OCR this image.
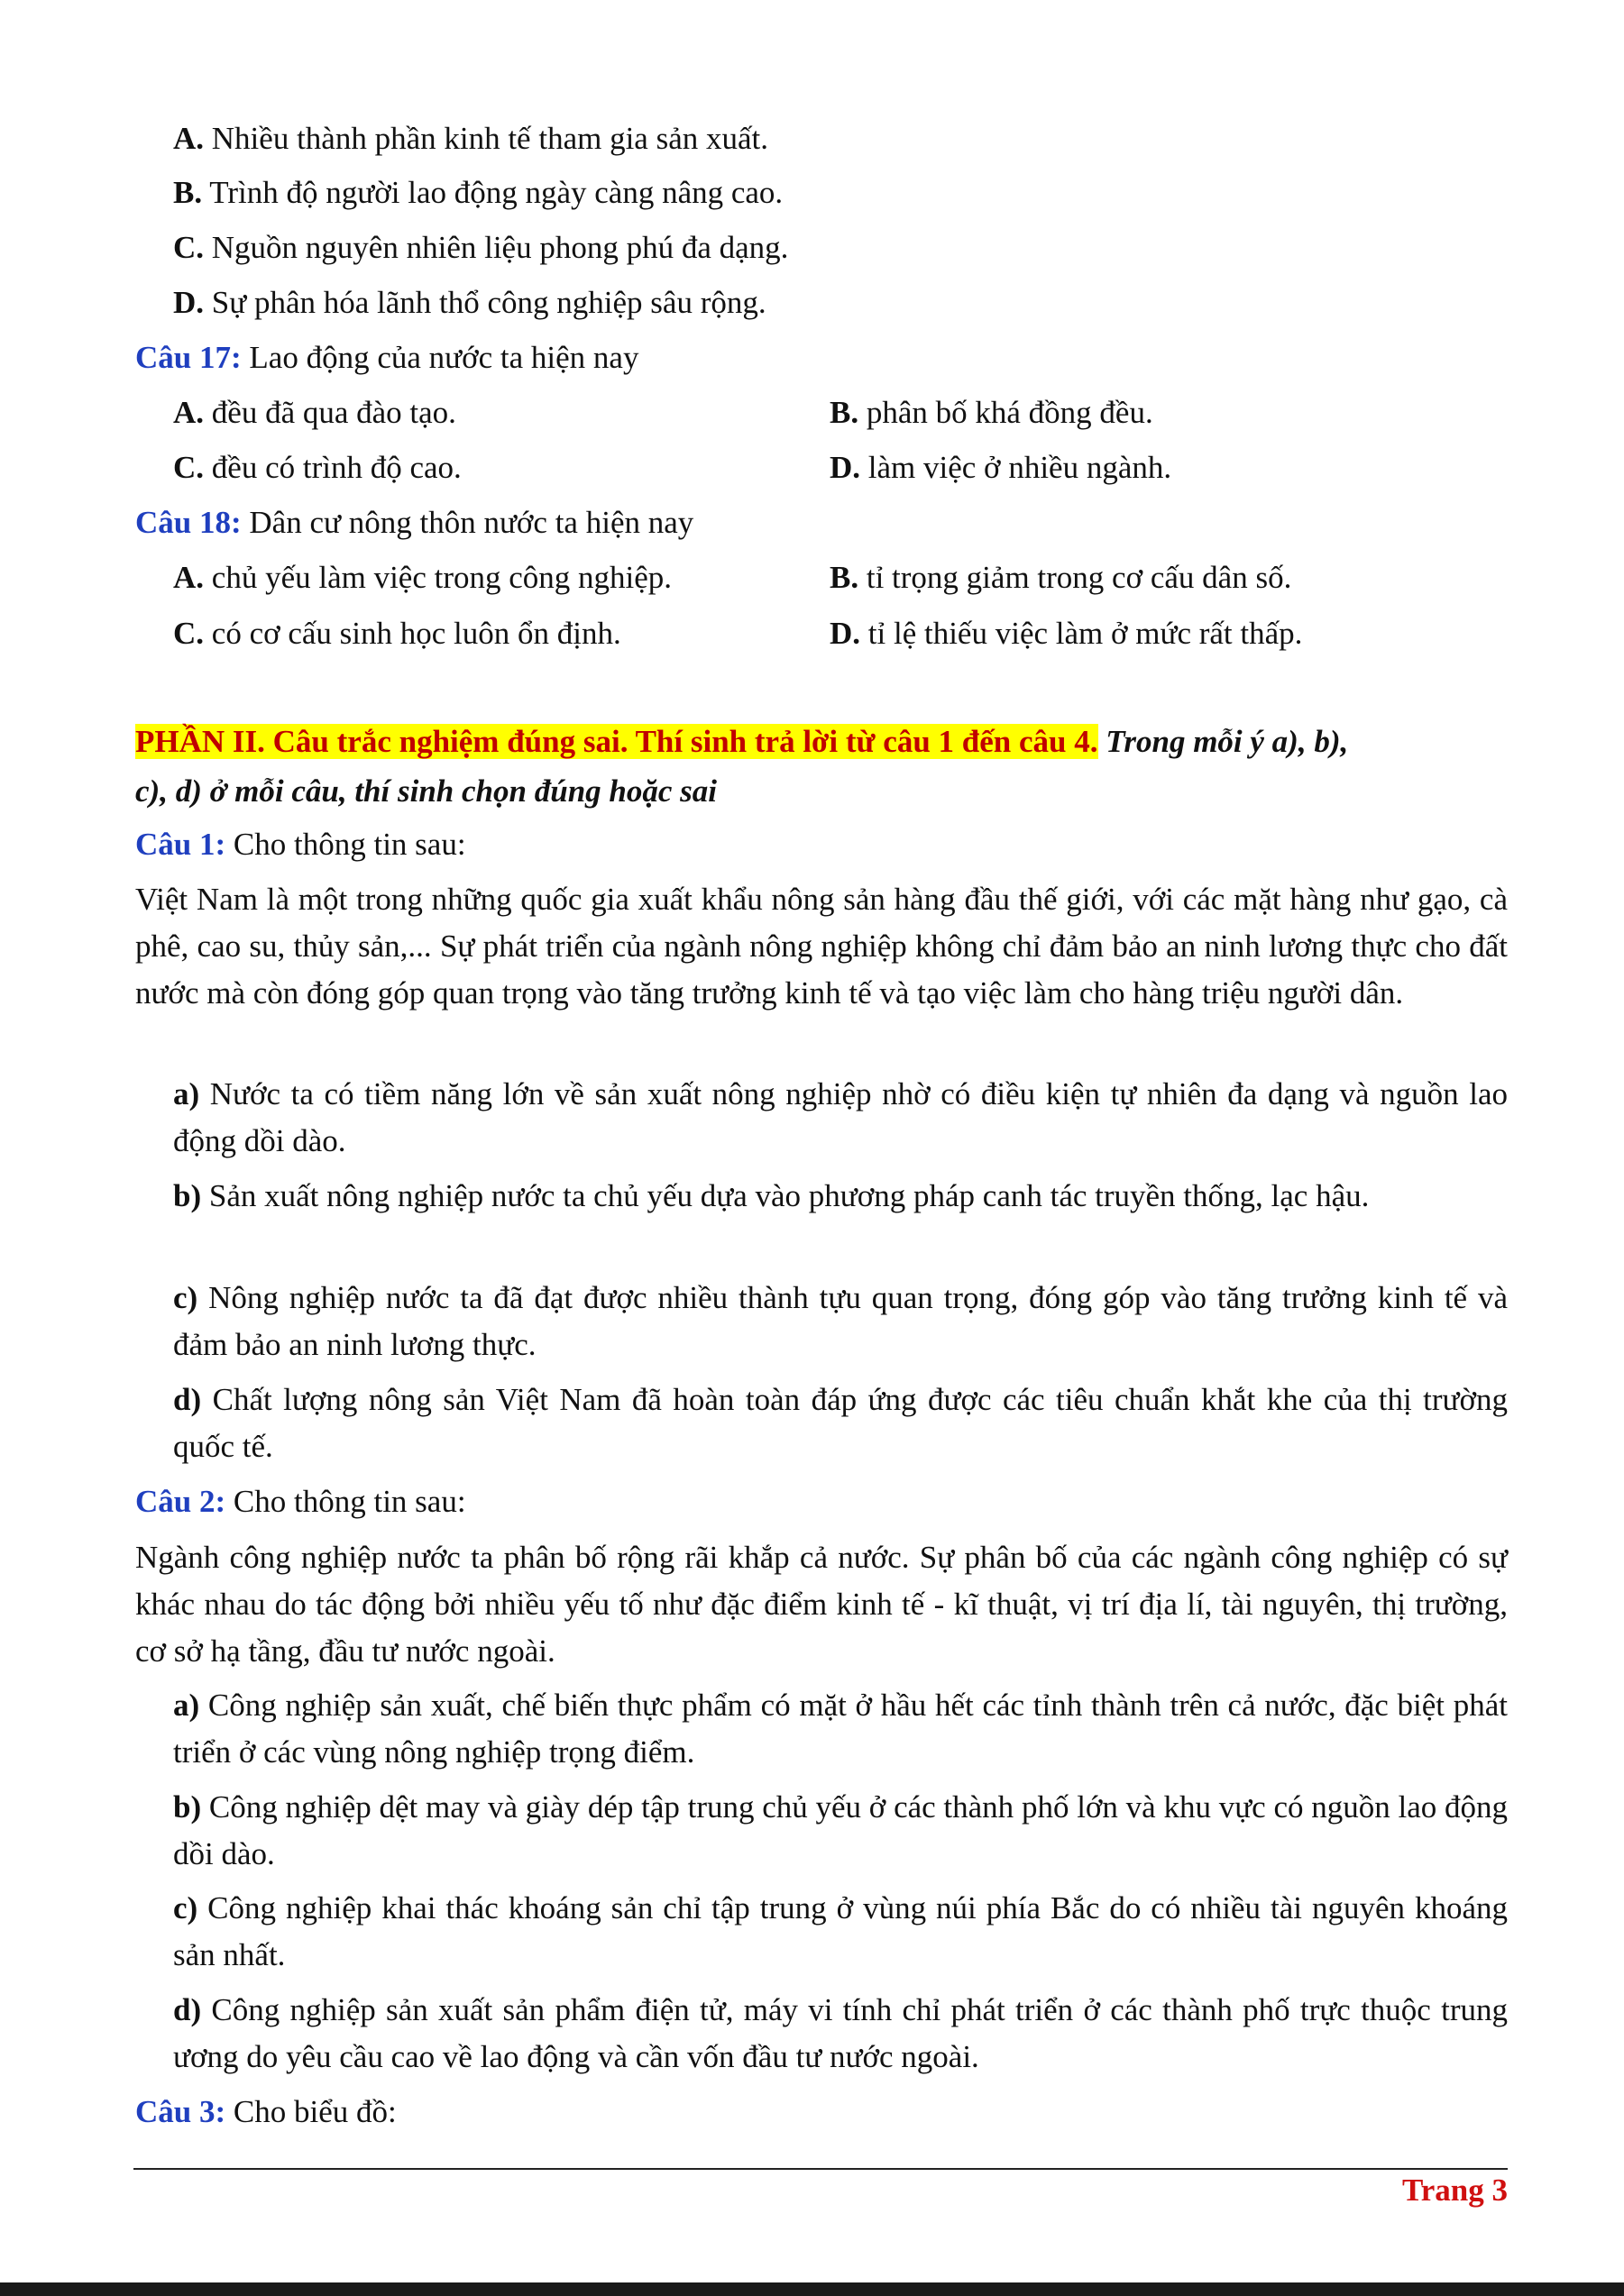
A. Nhiều thành phần kinh tế tham gia sản xuất.
B. Trình độ người lao động ngày càng nâng cao.
C. Nguồn nguyên nhiên liệu phong phú đa dạng.
D. Sự phân hóa lãnh thổ công nghiệp sâu rộng.
Câu 17: Lao động của nước ta hiện nay
A. đều đã qua đào tạo.	B. phân bố khá đồng đều.
C. đều có trình độ cao.	D. làm việc ở nhiều ngành.
Câu 18: Dân cư nông thôn nước ta hiện nay
A. chủ yếu làm việc trong công nghiệp.	B. tỉ trọng giảm trong cơ cấu dân số.
C. có cơ cấu sinh học luôn ổn định.	D. tỉ lệ thiếu việc làm ở mức rất thấp.
PHẦN II. Câu trắc nghiệm đúng sai. Thí sinh trả lời từ câu 1 đến câu 4. Trong mỗi ý a), b),
c), d) ở mỗi câu, thí sinh chọn đúng hoặc sai
Câu 1: Cho thông tin sau:
Việt Nam là một trong những quốc gia xuất khẩu nông sản hàng đầu thế giới, với các mặt hàng như gạo, cà phê, cao su, thủy sản,... Sự phát triển của ngành nông nghiệp không chỉ đảm bảo an ninh lương thực cho đất nước mà còn đóng góp quan trọng vào tăng trưởng kinh tế và tạo việc làm cho hàng triệu người dân.
a) Nước ta có tiềm năng lớn về sản xuất nông nghiệp nhờ có điều kiện tự nhiên đa dạng và nguồn lao động dồi dào.
b) Sản xuất nông nghiệp nước ta chủ yếu dựa vào phương pháp canh tác truyền thống, lạc hậu.
c) Nông nghiệp nước ta đã đạt được nhiều thành tựu quan trọng, đóng góp vào tăng trưởng kinh tế và đảm bảo an ninh lương thực.
d) Chất lượng nông sản Việt Nam đã hoàn toàn đáp ứng được các tiêu chuẩn khắt khe của thị trường quốc tế.
Câu 2: Cho thông tin sau:
Ngành công nghiệp nước ta phân bố rộng rãi khắp cả nước. Sự phân bố của các ngành công nghiệp có sự khác nhau do tác động bởi nhiều yếu tố như đặc điểm kinh tế - kĩ thuật, vị trí địa lí, tài nguyên, thị trường, cơ sở hạ tầng, đầu tư nước ngoài.
a) Công nghiệp sản xuất, chế biến thực phẩm có mặt ở hầu hết các tỉnh thành trên cả nước, đặc biệt phát triển ở các vùng nông nghiệp trọng điểm.
b) Công nghiệp dệt may và giày dép tập trung chủ yếu ở các thành phố lớn và khu vực có nguồn lao động dồi dào.
c) Công nghiệp khai thác khoáng sản chỉ tập trung ở vùng núi phía Bắc do có nhiều tài nguyên khoáng sản nhất.
d) Công nghiệp sản xuất sản phẩm điện tử, máy vi tính chỉ phát triển ở các thành phố trực thuộc trung ương do yêu cầu cao về lao động và cần vốn đầu tư nước ngoài.
Câu 3: Cho biểu đồ:
Trang 3
